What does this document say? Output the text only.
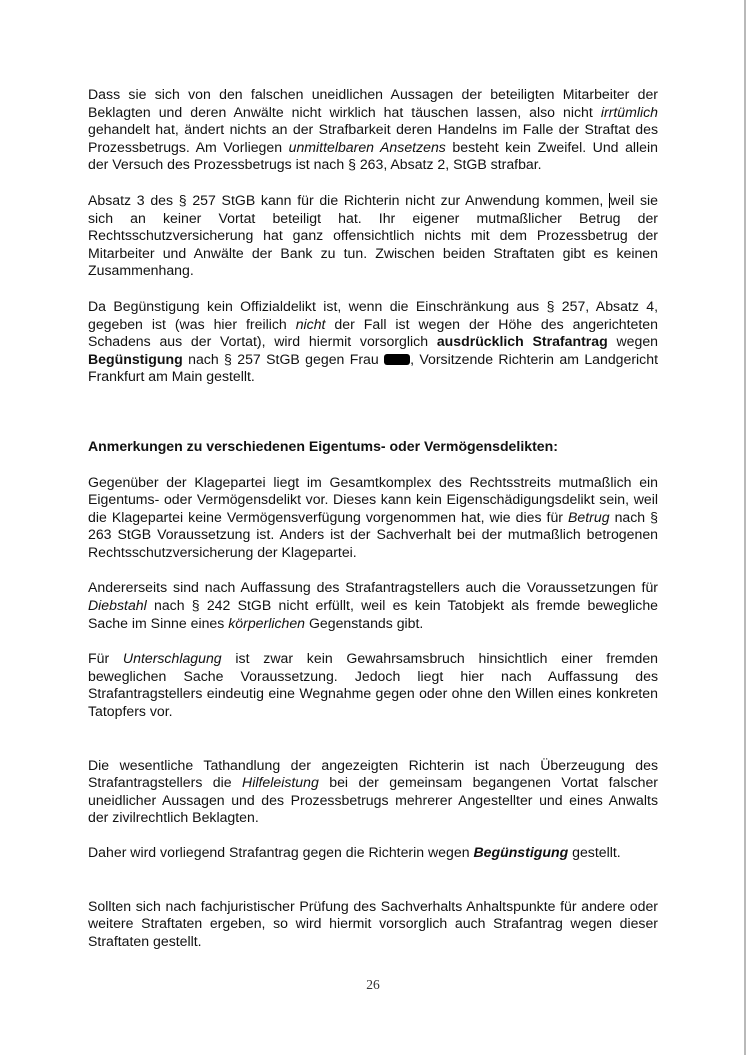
Dass sie sich von den falschen uneidlichen Aussagen der beteiligten Mitarbeiter der Beklagten und deren Anwälte nicht wirklich hat täuschen lassen, also nicht irrtümlich gehandelt hat, ändert nichts an der Strafbarkeit deren Handelns im Falle der Straftat des Prozessbetrugs. Am Vorliegen unmittelbaren Ansetzens besteht kein Zweifel. Und allein der Versuch des Prozessbetrugs ist nach § 263, Absatz 2, StGB strafbar.

Absatz 3 des § 257 StGB kann für die Richterin nicht zur Anwendung kommen, weil sie sich an keiner Vortat beteiligt hat. Ihr eigener mutmaßlicher Betrug der Rechtsschutzversicherung hat ganz offensichtlich nichts mit dem Prozessbetrug der Mitarbeiter und Anwälte der Bank zu tun. Zwischen beiden Straftaten gibt es keinen Zusammenhang.

Da Begünstigung kein Offizialdelikt ist, wenn die Einschränkung aus § 257, Absatz 4, gegeben ist (was hier freilich nicht der Fall ist wegen der Höhe des angerichteten Schadens aus der Vortat), wird hiermit vorsorglich ausdrücklich Strafantrag wegen Begünstigung nach § 257 StGB gegen Frau , Vorsitzende Richterin am Landgericht Frankfurt am Main gestellt.

Anmerkungen zu verschiedenen Eigentums- oder Vermögensdelikten:

Gegenüber der Klagepartei liegt im Gesamtkomplex des Rechtsstreits mutmaßlich ein Eigentums- oder Vermögensdelikt vor. Dieses kann kein Eigenschädigungsdelikt sein, weil die Klagepartei keine Vermögensverfügung vorgenommen hat, wie dies für Betrug nach § 263 StGB Voraussetzung ist. Anders ist der Sachverhalt bei der mutmaßlich betrogenen Rechtsschutzversicherung der Klagepartei.

Andererseits sind nach Auffassung des Strafantragstellers auch die Voraussetzungen für Diebstahl nach § 242 StGB nicht erfüllt, weil es kein Tatobjekt als fremde bewegliche Sache im Sinne eines körperlichen Gegenstands gibt.

Für Unterschlagung ist zwar kein Gewahrsamsbruch hinsichtlich einer fremden beweglichen Sache Voraussetzung. Jedoch liegt hier nach Auffassung des Strafantragstellers eindeutig eine Wegnahme gegen oder ohne den Willen eines konkreten Tatopfers vor.

Die wesentliche Tathandlung der angezeigten Richterin ist nach Überzeugung des Strafantragstellers die Hilfeleistung bei der gemeinsam begangenen Vortat falscher uneidlicher Aussagen und des Prozessbetrugs mehrerer Angestellter und eines Anwalts der zivilrechtlich Beklagten.

Daher wird vorliegend Strafantrag gegen die Richterin wegen Begünstigung gestellt.

Sollten sich nach fachjuristischer Prüfung des Sachverhalts Anhaltspunkte für andere oder weitere Straftaten ergeben, so wird hiermit vorsorglich auch Strafantrag wegen dieser Straftaten gestellt.

26
